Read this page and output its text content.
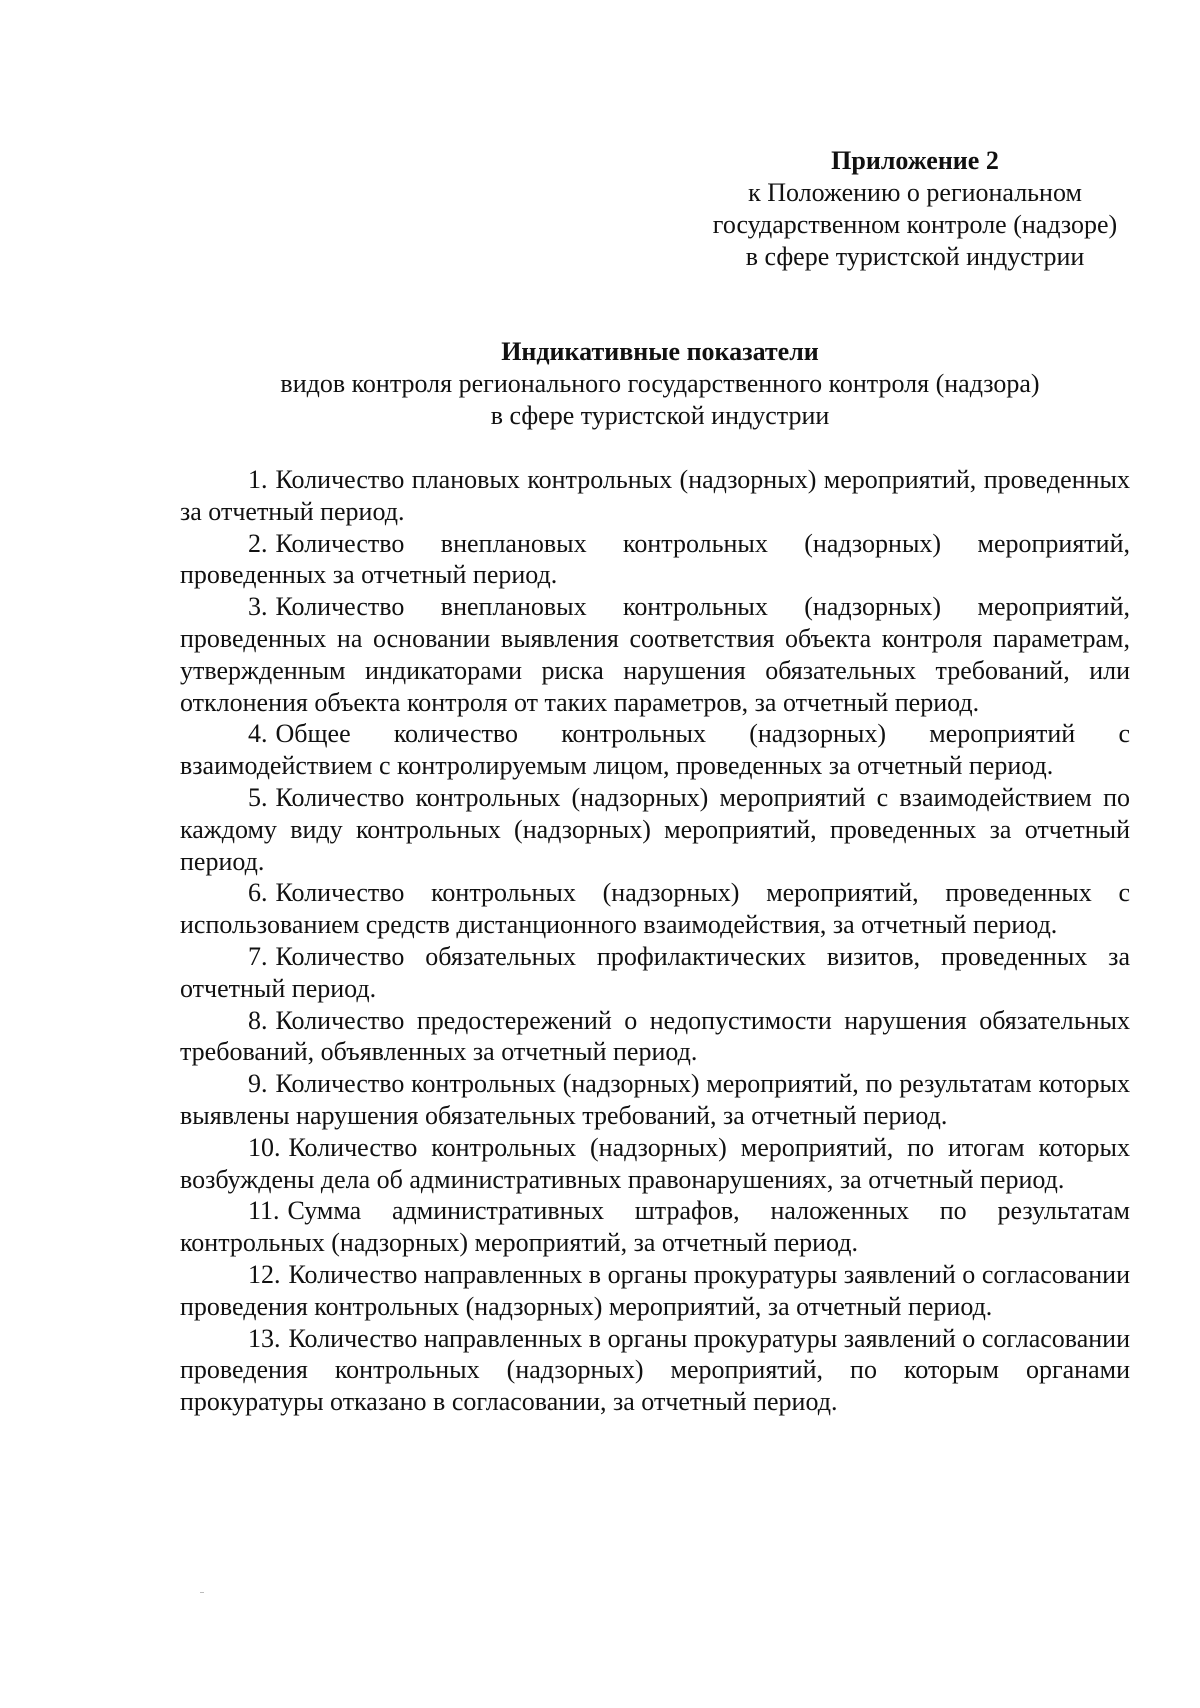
Приложение 2
к Положению о региональном
государственном контроле (надзоре)
в сфере туристской индустрии
Индикативные показатели
видов контроля регионального государственного контроля (надзора)
в сфере туристской индустрии

1. Количество плановых контрольных (надзорных) мероприятий, проведенных за отчетный период.

2. Количество внеплановых контрольных (надзорных) мероприятий, проведенных за отчетный период.

3. Количество внеплановых контрольных (надзорных) мероприятий, проведенных на основании выявления соответствия объекта контроля параметрам, утвержденным индикаторами риска нарушения обязательных требований, или отклонения объекта контроля от таких параметров, за отчетный период.

4. Общее количество контрольных (надзорных) мероприятий с взаимодействием с контролируемым лицом, проведенных за отчетный период.

5. Количество контрольных (надзорных) мероприятий с взаимодействием по каждому виду контрольных (надзорных) мероприятий, проведенных за отчетный период.

6. Количество контрольных (надзорных) мероприятий, проведенных с использованием средств дистанционного взаимодействия, за отчетный период.

7. Количество обязательных профилактических визитов, проведенных за отчетный период.

8. Количество предостережений о недопустимости нарушения обязательных требований, объявленных за отчетный период.

9. Количество контрольных (надзорных) мероприятий, по результатам которых выявлены нарушения обязательных требований, за отчетный период.

10. Количество контрольных (надзорных) мероприятий, по итогам которых возбуждены дела об административных правонарушениях, за отчетный период.

11. Сумма административных штрафов, наложенных по результатам контрольных (надзорных) мероприятий, за отчетный период.

12. Количество направленных в органы прокуратуры заявлений о согласовании проведения контрольных (надзорных) мероприятий, за отчетный период.

13. Количество направленных в органы прокуратуры заявлений о согласовании проведения контрольных (надзорных) мероприятий, по которым органами прокуратуры отказано в согласовании, за отчетный период.
